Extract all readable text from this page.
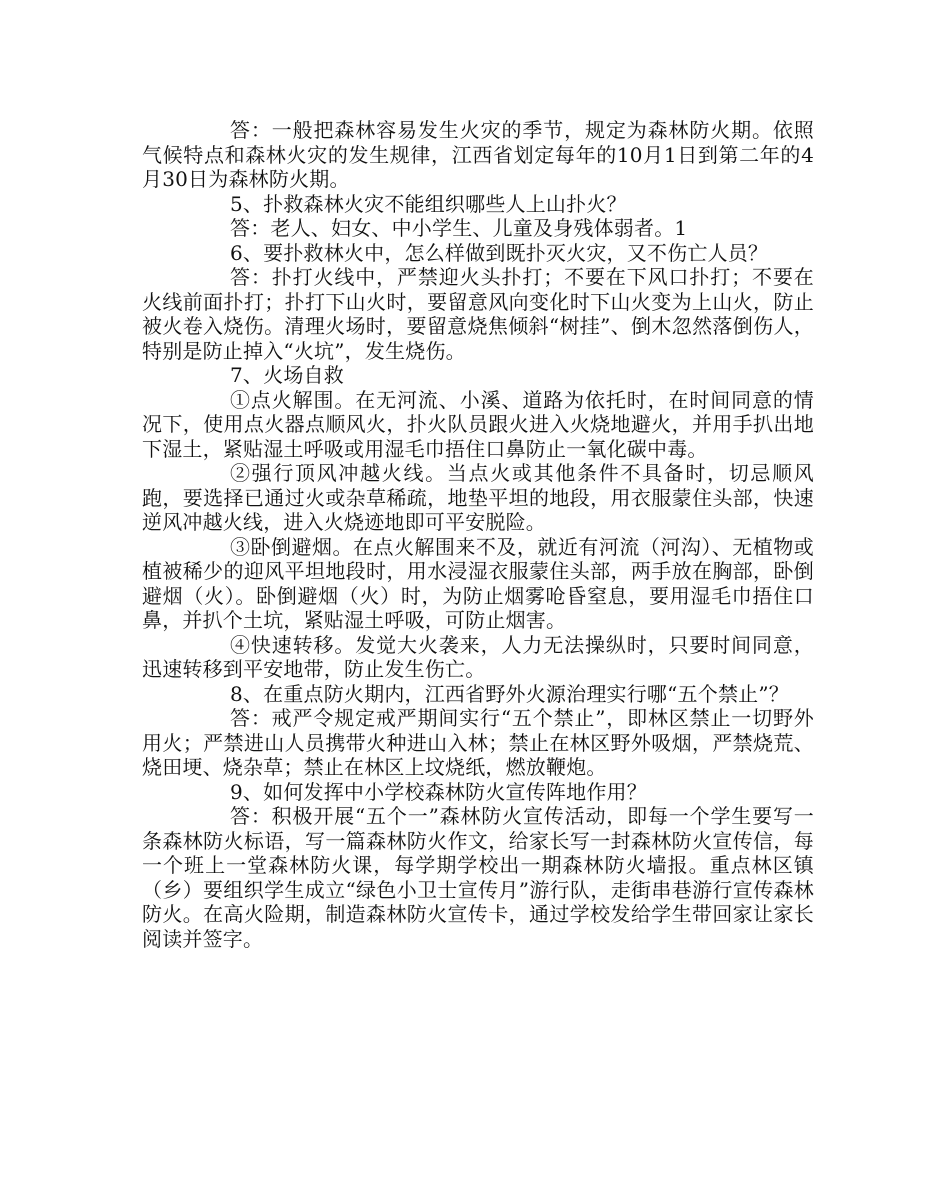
答：一般把森林容易发生火灾的季节，规定为森林防火期。依照气候特点和森林火灾的发生规律，江西省划定每年的10月1日到第二年的4月30日为森林防火期。

5、扑救森林火灾不能组织哪些人上山扑火？

答：老人、妇女、中小学生、儿童及身残体弱者。1

6、要扑救林火中，怎么样做到既扑灭火灾，又不伤亡人员？

答：扑打火线中，严禁迎火头扑打；不要在下风口扑打；不要在火线前面扑打；扑打下山火时，要留意风向变化时下山火变为上山火，防止被火卷入烧伤。清理火场时，要留意烧焦倾斜“树挂”、倒木忽然落倒伤人，特别是防止掉入“火坑”，发生烧伤。

7、火场自救

①点火解围。在无河流、小溪、道路为依托时，在时间同意的情况下，使用点火器点顺风火，扑火队员跟火进入火烧地避火，并用手扒出地下湿土，紧贴湿土呼吸或用湿毛巾捂住口鼻防止一氧化碳中毒。

②强行顶风冲越火线。当点火或其他条件不具备时，切忌顺风跑，要选择已通过火或杂草稀疏，地垫平坦的地段，用衣服蒙住头部，快速逆风冲越火线，进入火烧迹地即可平安脱险。

③卧倒避烟。在点火解围来不及，就近有河流（河沟）、无植物或植被稀少的迎风平坦地段时，用水浸湿衣服蒙住头部，两手放在胸部，卧倒避烟（火）。卧倒避烟（火）时，为防止烟雾呛昏窒息，要用湿毛巾捂住口鼻，并扒个土坑，紧贴湿土呼吸，可防止烟害。

④快速转移。发觉大火袭来，人力无法操纵时，只要时间同意，迅速转移到平安地带，防止发生伤亡。

8、在重点防火期内，江西省野外火源治理实行哪“五个禁止”？

答：戒严令规定戒严期间实行“五个禁止”，即林区禁止一切野外用火；严禁进山人员携带火种进山入林；禁止在林区野外吸烟，严禁烧荒、烧田埂、烧杂草；禁止在林区上坟烧纸，燃放鞭炮。

9、如何发挥中小学校森林防火宣传阵地作用？

答：积极开展“五个一”森林防火宣传活动，即每一个学生要写一条森林防火标语，写一篇森林防火作文，给家长写一封森林防火宣传信，每一个班上一堂森林防火课，每学期学校出一期森林防火墙报。重点林区镇（乡）要组织学生成立“绿色小卫士宣传月”游行队，走街串巷游行宣传森林防火。在高火险期，制造森林防火宣传卡，通过学校发给学生带回家让家长阅读并签字。
